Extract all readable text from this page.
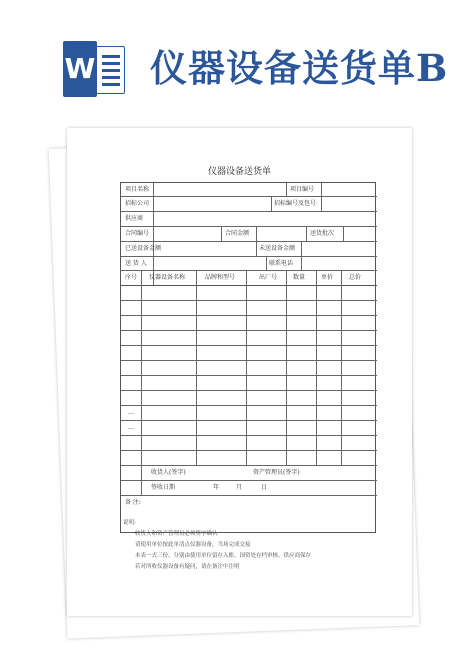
W 仪器设备送货单B
仪器设备送货单
项目名称	项目编号
招标公司	招标编号及包号
供应商
合同编号	合同金额	送货批次
已送设备金额	未送设备金额
送 货 人	联系电话
序号 仪器设备名称	品牌和型号	出厂号	数量	单价	总价
…
…
收货人(签字)	资产管理员(签字)
签收日期	年	月	日
备 注:
说明:
收货人和资产管理员必须签字确认
请使用单位按此单清点仪器设备，当场完成交接
本表一式三份，分别由使用单位留存入账、国资处存档审核、供应商保存
若对所收仪器设备有疑问，请在备注中注明
